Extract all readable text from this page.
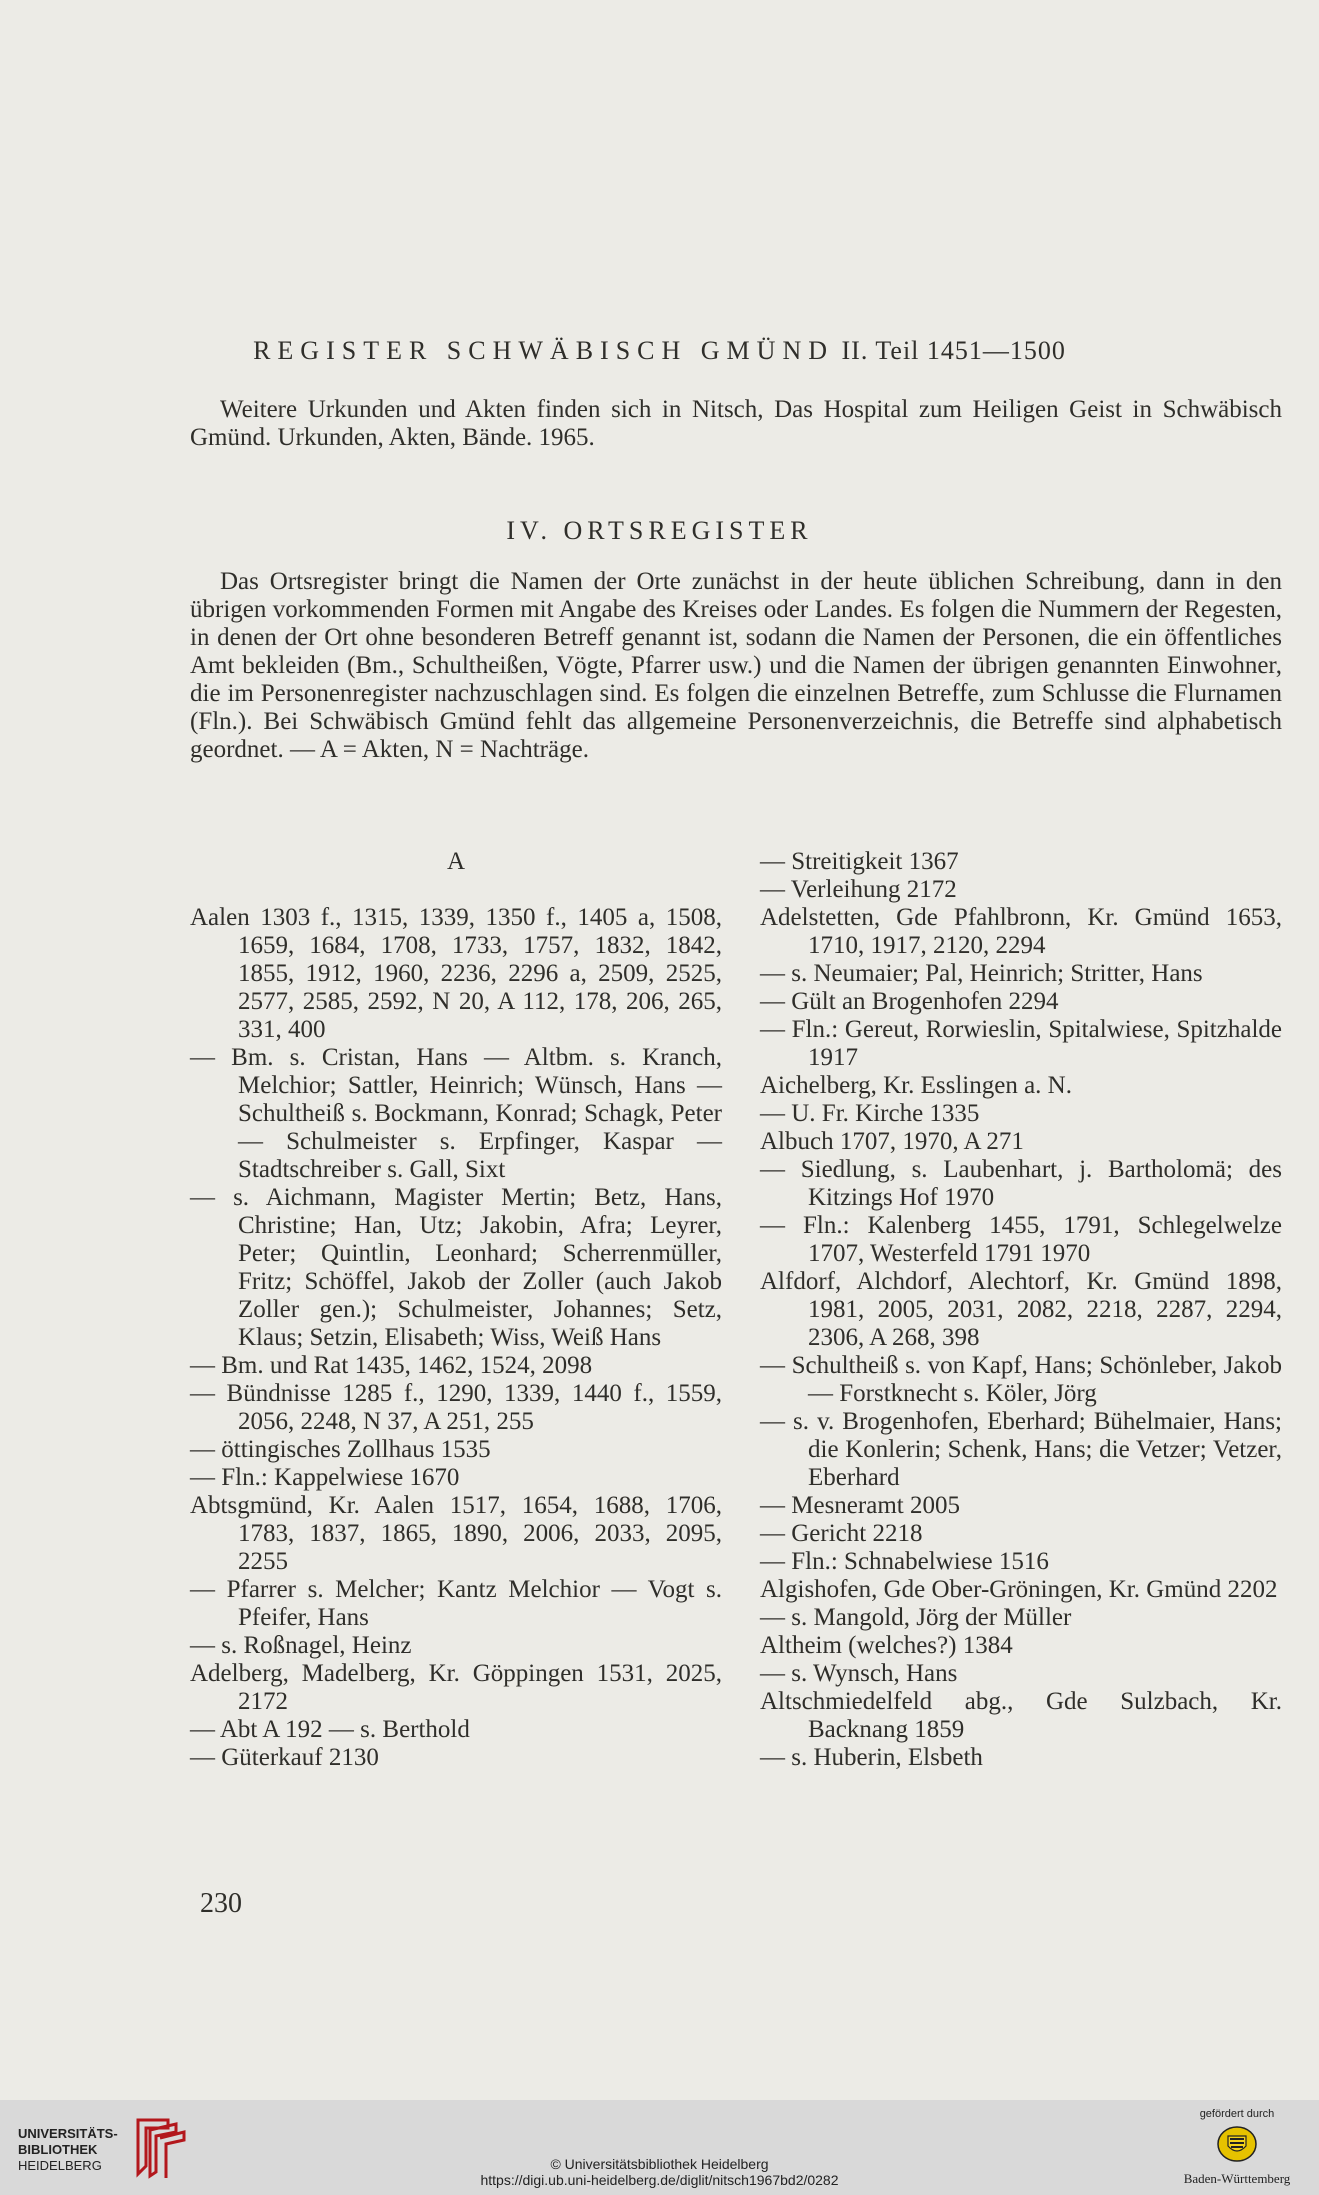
REGISTER SCHWÄBISCH GMÜND II. Teil 1451—1500
Weitere Urkunden und Akten finden sich in Nitsch, Das Hospital zum Heiligen Geist in Schwäbisch Gmünd. Urkunden, Akten, Bände. 1965.
IV. ORTSREGISTER
Das Ortsregister bringt die Namen der Orte zunächst in der heute üblichen Schreibung, dann in den übrigen vorkommenden Formen mit Angabe des Kreises oder Landes. Es folgen die Nummern der Regesten, in denen der Ort ohne besonderen Betreff genannt ist, sodann die Namen der Personen, die ein öffentliches Amt bekleiden (Bm., Schultheißen, Vögte, Pfarrer usw.) und die Namen der übrigen genannten Einwohner, die im Personenregister nachzuschlagen sind. Es folgen die einzelnen Betreffe, zum Schlusse die Flurnamen (Fln.). Bei Schwäbisch Gmünd fehlt das allgemeine Personenverzeichnis, die Betreffe sind alphabetisch geordnet. — A = Akten, N = Nachträge.
A
Aalen 1303 f., 1315, 1339, 1350 f., 1405 a, 1508, 1659, 1684, 1708, 1733, 1757, 1832, 1842, 1855, 1912, 1960, 2236, 2296 a, 2509, 2525, 2577, 2585, 2592, N 20, A 112, 178, 206, 265, 331, 400
— Bm. s. Cristan, Hans — Altbm. s. Kranch, Melchior; Sattler, Heinrich; Wünsch, Hans — Schultheiß s. Bockmann, Konrad; Schagk, Peter — Schulmeister s. Erpfinger, Kaspar — Stadtschreiber s. Gall, Sixt
— s. Aichmann, Magister Mertin; Betz, Hans, Christine; Han, Utz; Jakobin, Afra; Leyrer, Peter; Quintlin, Leonhard; Scherrenmüller, Fritz; Schöffel, Jakob der Zoller (auch Jakob Zoller gen.); Schulmeister, Johannes; Setz, Klaus; Setzin, Elisabeth; Wiss, Weiß Hans
— Bm. und Rat 1435, 1462, 1524, 2098
— Bündnisse 1285 f., 1290, 1339, 1440 f., 1559, 2056, 2248, N 37, A 251, 255
— öttingisches Zollhaus 1535
— Fln.: Kappelwiese 1670
Abtsgmünd, Kr. Aalen 1517, 1654, 1688, 1706, 1783, 1837, 1865, 1890, 2006, 2033, 2095, 2255
— Pfarrer s. Melcher; Kantz Melchior — Vogt s. Pfeifer, Hans
— s. Roßnagel, Heinz
Adelberg, Madelberg, Kr. Göppingen 1531, 2025, 2172
— Abt A 192 — s. Berthold
— Güterkauf 2130
— Streitigkeit 1367
— Verleihung 2172
Adelstetten, Gde Pfahlbronn, Kr. Gmünd 1653, 1710, 1917, 2120, 2294
— s. Neumaier; Pal, Heinrich; Stritter, Hans
— Gült an Brogenhofen 2294
— Fln.: Gereut, Rorwieslin, Spitalwiese, Spitzhalde 1917
Aichelberg, Kr. Esslingen a. N.
— U. Fr. Kirche 1335
Albuch 1707, 1970, A 271
— Siedlung, s. Laubenhart, j. Bartholomä; des Kitzings Hof 1970
— Fln.: Kalenberg 1455, 1791, Schlegelwelze 1707, Westerfeld 1791 1970
Alfdorf, Alchdorf, Alechtorf, Kr. Gmünd 1898, 1981, 2005, 2031, 2082, 2218, 2287, 2294, 2306, A 268, 398
— Schultheiß s. von Kapf, Hans; Schönleber, Jakob — Forstknecht s. Köler, Jörg
— s. v. Brogenhofen, Eberhard; Bühelmaier, Hans; die Konlerin; Schenk, Hans; die Vetzer; Vetzer, Eberhard
— Mesneramt 2005
— Gericht 2218
— Fln.: Schnabelwiese 1516
Algishofen, Gde Ober-Gröningen, Kr. Gmünd 2202
— s. Mangold, Jörg der Müller
Altheim (welches?) 1384
— s. Wynsch, Hans
Altschmiedelfeld abg., Gde Sulzbach, Kr. Backnang 1859
— s. Huberin, Elsbeth
230
UNIVERSITÄTS-
BIBLIOTHEK
HEIDELBERG	© Universitätsbibliothek Heidelberg
https://digi.ub.uni-heidelberg.de/diglit/nitsch1967bd2/0282
gefördert durch
Baden-Württemberg
